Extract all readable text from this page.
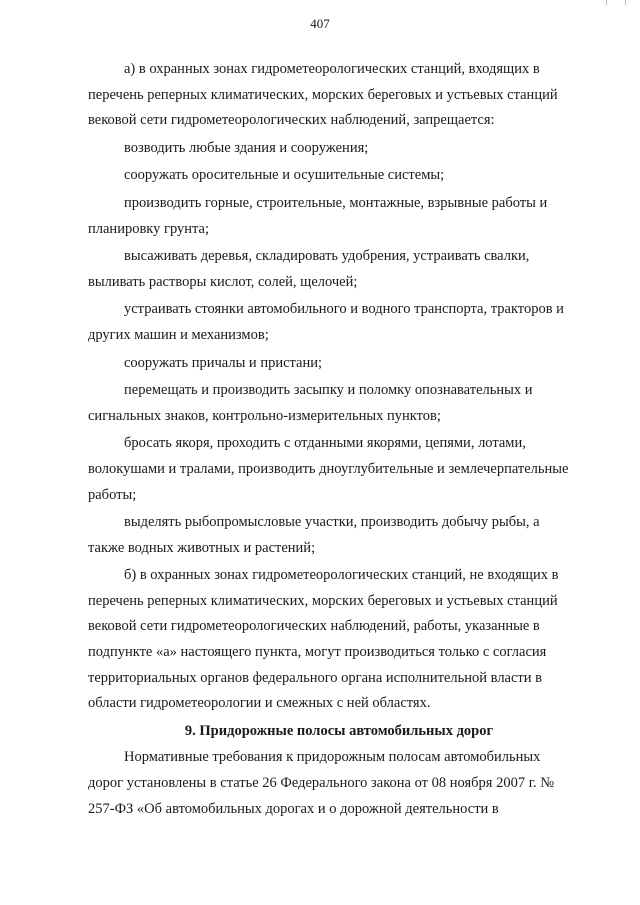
407

а) в охранных зонах гидрометеорологических станций, входящих в
перечень реперных климатических, морских береговых и устьевых станций
вековой сети гидрометеорологических наблюдений, запрещается:

возводить любые здания и сооружения;

сооружать оросительные и осушительные системы;

производить горные, строительные, монтажные, взрывные работы и
планировку грунта;

высаживать деревья, складировать удобрения, устраивать свалки,
выливать растворы кислот, солей, щелочей;

устраивать стоянки автомобильного и водного транспорта, тракторов и
других машин и механизмов;

сооружать причалы и пристани;

перемещать и производить засыпку и поломку опознавательных и
сигнальных знаков, контрольно-измерительных пунктов;

бросать якоря, проходить с отданными якорями, цепями, лотами,
волокушами и тралами, производить дноуглубительные и землечерпательные
работы;

выделять рыбопромысловые участки, производить добычу рыбы, а
также водных животных и растений;

б) в охранных зонах гидрометеорологических станций, не входящих в
перечень реперных климатических, морских береговых и устьевых станций
вековой сети гидрометеорологических наблюдений, работы, указанные в
подпункте «а» настоящего пункта, могут производиться только с согласия
территориальных органов федерального органа исполнительной власти в
области гидрометеорологии и смежных с ней областях.

9. Придорожные полосы автомобильных дорог

Нормативные требования к придорожным полосам автомобильных
дорог установлены в статье 26 Федерального закона от 08 ноября 2007 г. №
257-ФЗ «Об автомобильных дорогах и о дорожной деятельности в
